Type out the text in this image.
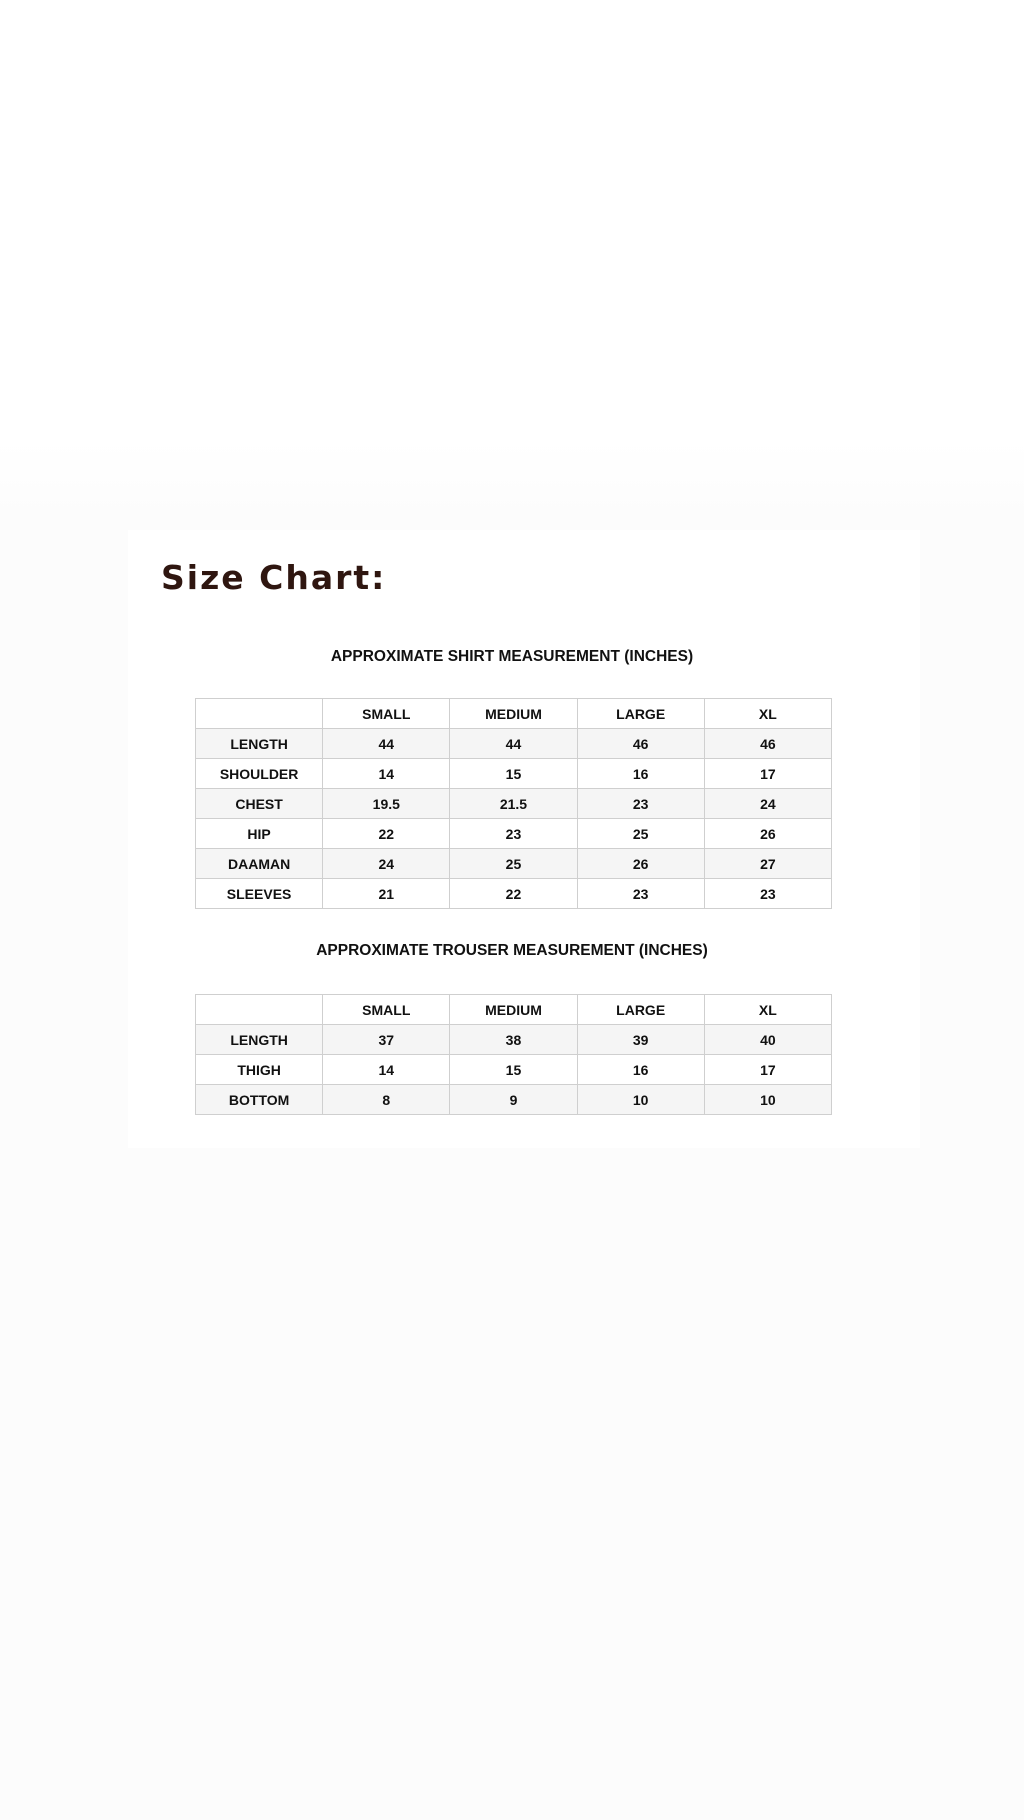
Size Chart:
APPROXIMATE SHIRT MEASUREMENT (INCHES)
	SMALL	MEDIUM	LARGE	XL
LENGTH	44	44	46	46
SHOULDER	14	15	16	17
CHEST	19.5	21.5	23	24
HIP	22	23	25	26
DAAMAN	24	25	26	27
SLEEVES	21	22	23	23
APPROXIMATE TROUSER MEASUREMENT (INCHES)
	SMALL	MEDIUM	LARGE	XL
LENGTH	37	38	39	40
THIGH	14	15	16	17
BOTTOM	8	9	10	10
